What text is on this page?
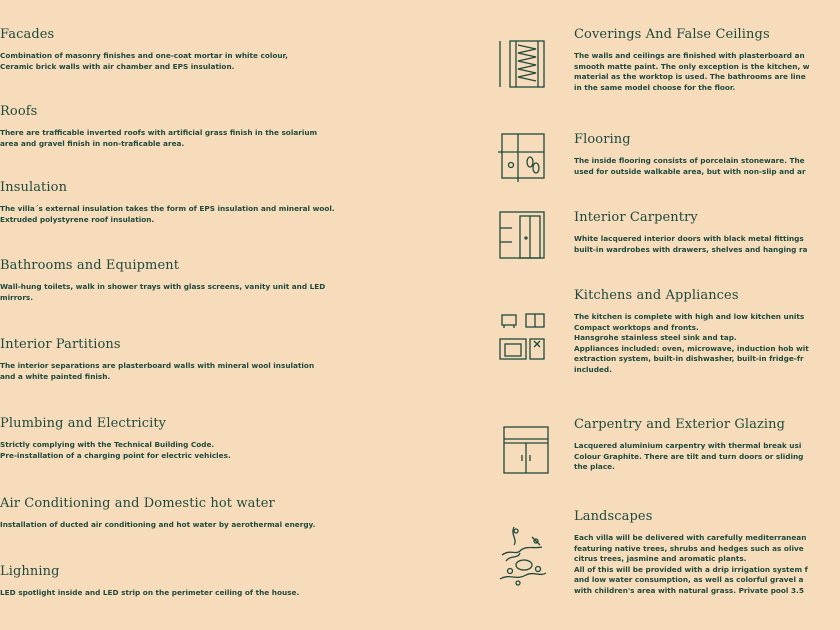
Facades
Combination of masonry finishes and one-coat mortar in white colour,
Ceramic brick walls with air chamber and EPS insulation.
Roofs
There are trafficable inverted roofs with artificial grass finish in the solarium
area and gravel finish in non-traficable area.
Insulation
The villa´s external insulation takes the form of EPS insulation and mineral wool.
Extruded polystyrene roof insulation.
Bathrooms and Equipment
Wall-hung toilets, walk in shower trays with glass screens, vanity unit and LED
mirrors.
Interior Partitions
The interior separations are plasterboard walls with mineral wool insulation
and a white painted finish.
Plumbing and Electricity
Strictly complying with the Technical Building Code.
Pre-installation of a charging point for electric vehicles.
Air Conditioning and Domestic hot water
Installation of ducted air conditioning and hot water by aerothermal energy.
Lighning
LED spotlight inside and LED strip on the perimeter ceiling of the house.
Coverings And False Ceilings
The walls and ceilings are finished with plasterboard an
smooth matte paint. The only exception is the kitchen, w
material as the worktop is used. The bathrooms are line
in the same model choose for the floor.
Flooring
The inside flooring consists of porcelain stoneware. The
used for outside walkable area, but with non-slip and ar
Interior Carpentry
White lacquered interior doors with black metal fittings
built-in wardrobes with drawers, shelves and hanging ra
Kitchens and Appliances
The kitchen is complete with high and low kitchen units
Compact worktops and fronts.
Hansgrohe stainless steel sink and tap.
Appliances included: oven, microwave, induction hob wit
extraction system, built-in dishwasher, built-in fridge-fr
included.
Carpentry and Exterior Glazing
Lacquered aluminium carpentry with thermal break usi
Colour Graphite. There are tilt and turn doors or sliding
the place.
Landscapes
Each villa will be delivered with carefully mediterranean
featuring native trees, shrubs and hedges such as olive
citrus trees, jasmine and aromatic plants.
All of this will be provided with a drip irrigation system f
and low water consumption, as well as colorful gravel a
with children's area with natural grass. Private pool 3.5
